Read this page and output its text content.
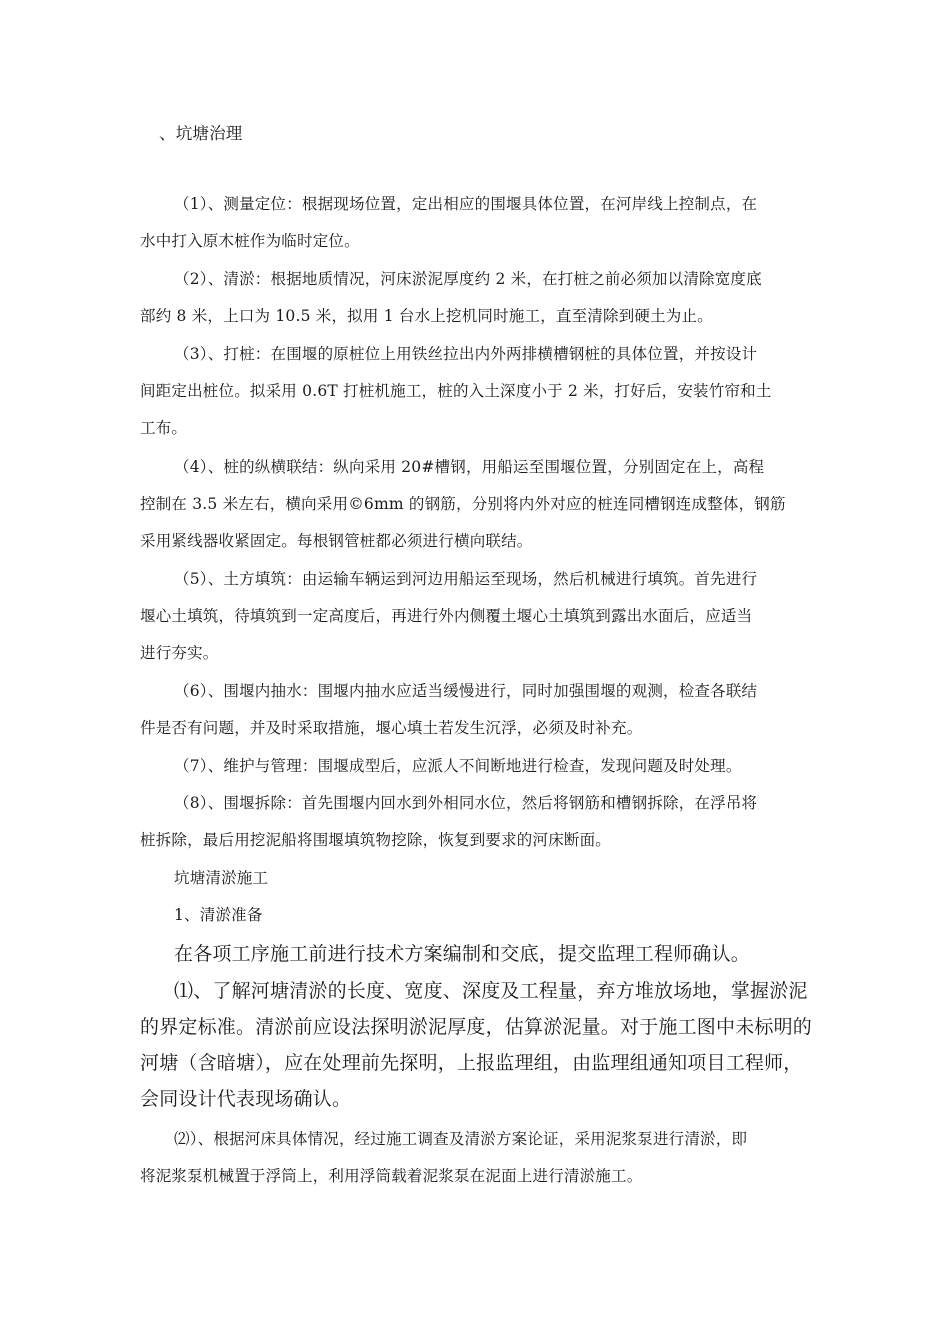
、坑塘治理
（1）、测量定位：根据现场位置，定出相应的围堰具体位置，在河岸线上控制点，在
水中打入原木桩作为临时定位。
（2）、清淤：根据地质情况，河床淤泥厚度约 2 米，在打桩之前必须加以清除宽度底
部约 8 米，上口为 10.5 米，拟用 1 台水上挖机同时施工，直至清除到硬土为止。
（3）、打桩：在围堰的原桩位上用铁丝拉出内外两排横槽钢桩的具体位置，并按设计
间距定出桩位。拟采用 0.6T 打桩机施工，桩的入土深度小于 2 米，打好后，安装竹帘和土
工布。
（4）、桩的纵横联结：纵向采用 20#槽钢，用船运至围堰位置，分别固定在上，高程
控制在 3.5 米左右，横向采用©6mm 的钢筋，分别将内外对应的桩连同槽钢连成整体，钢筋
采用紧线器收紧固定。每根钢管桩都必须进行横向联结。
（5）、土方填筑：由运输车辆运到河边用船运至现场，然后机械进行填筑。首先进行
堰心土填筑，待填筑到一定高度后，再进行外内侧覆土堰心土填筑到露出水面后，应适当
进行夯实。
（6）、围堰内抽水：围堰内抽水应适当缓慢进行，同时加强围堰的观测，检查各联结
件是否有问题，并及时采取措施，堰心填土若发生沉浮，必须及时补充。
（7）、维护与管理：围堰成型后，应派人不间断地进行检查，发现问题及时处理。
（8）、围堰拆除：首先围堰内回水到外相同水位，然后将钢筋和槽钢拆除，在浮吊将
桩拆除，最后用挖泥船将围堰填筑物挖除，恢复到要求的河床断面。
坑塘清淤施工
1、清淤准备
在各项工序施工前进行技术方案编制和交底，提交监理工程师确认。
⑴、了解河塘清淤的长度、宽度、深度及工程量，弃方堆放场地，掌握淤泥
的界定标准。清淤前应设法探明淤泥厚度，估算淤泥量。对于施工图中未标明的
河塘（含暗塘），应在处理前先探明，上报监理组，由监理组通知项目工程师，
会同设计代表现场确认。
⑵）、根据河床具体情况，经过施工调查及清淤方案论证，采用泥浆泵进行清淤，即
将泥浆泵机械置于浮筒上，利用浮筒载着泥浆泵在泥面上进行清淤施工。
